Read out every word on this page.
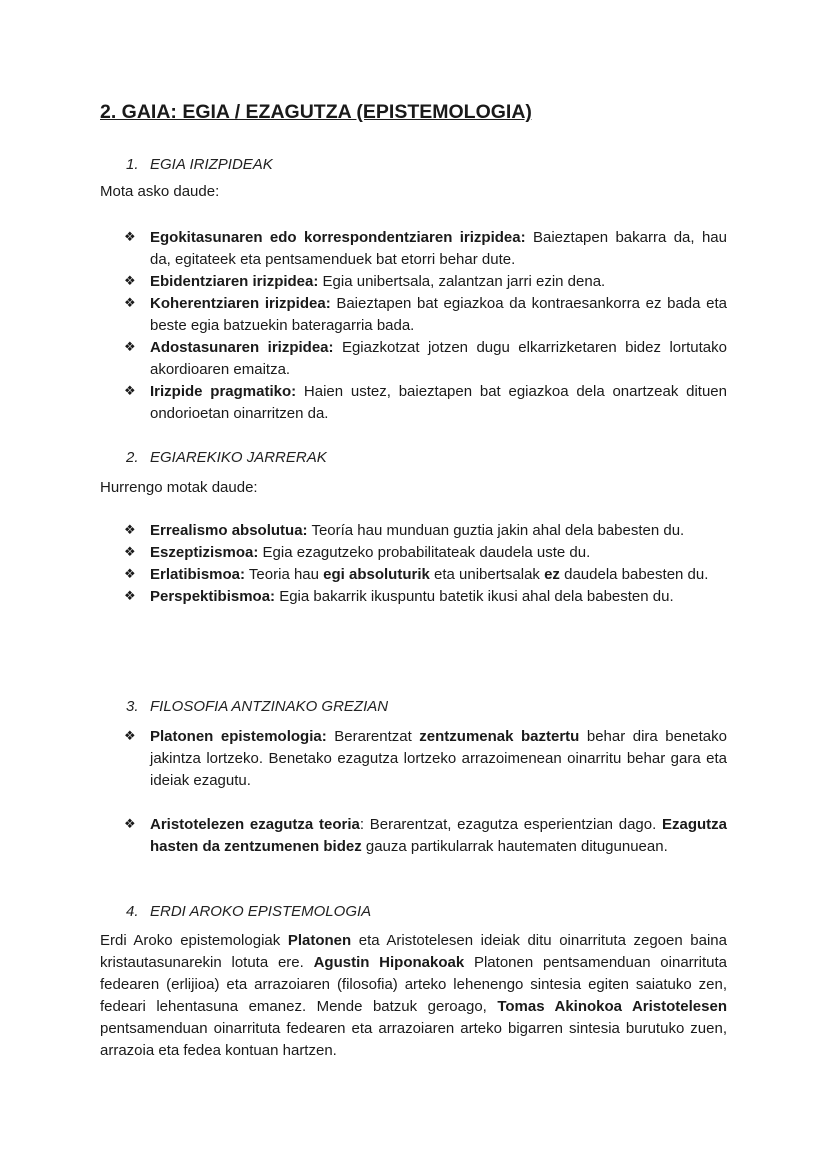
2. GAIA: EGIA / EZAGUTZA (EPISTEMOLOGIA)
1. EGIA IRIZPIDEAK
Mota asko daude:
❖ Egokitasunaren edo korrespondentziaren irizpidea: Baieztapen bakarra da, hau da, egitateek eta pentsamenduek bat etorri behar dute.
❖ Ebidentziaren irizpidea: Egia unibertsala, zalantzan jarri ezin dena.
❖ Koherentziaren irizpidea: Baieztapen bat egiazkoa da kontraesankorra ez bada eta beste egia batzuekin bateragarria bada.
❖ Adostasunaren irizpidea: Egiazkotzat jotzen dugu elkarrizketaren bidez lortutako akordioaren emaitza.
❖ Irizpide pragmatiko: Haien ustez, baieztapen bat egiazkoa dela onartzeak dituen ondorioetan oinarritzen da.
2. EGIAREKIKO JARRERAK
Hurrengo motak daude:
❖ Errealismo absolutua: Teoría hau munduan guztia jakin ahal dela babesten du.
❖ Eszeptizismoa: Egia ezagutzeko probabilitateak daudela uste du.
❖ Erlatibismoa: Teoria hau egi absoluturik eta unibertsalak ez daudela babesten du.
❖ Perspektibismoa: Egia bakarrik ikuspuntu batetik ikusi ahal dela babesten du.
3. FILOSOFIA ANTZINAKO GREZIAN
❖ Platonen epistemologia: Berarentzat zentzumenak baztertu behar dira benetako jakintza lortzeko. Benetako ezagutza lortzeko arrazoimenean oinarritu behar gara eta ideiak ezagutu.
❖ Aristotelezen ezagutza teoria: Berarentzat, ezagutza esperientzian dago. Ezagutza hasten da zentzumenen bidez gauza partikularrak hautematen ditugunuean.
4. ERDI AROKO EPISTEMOLOGIA
Erdi Aroko epistemologiak Platonen eta Aristotelesen ideiak ditu oinarrituta zegoen baina kristautasunarekin lotuta ere. Agustin Hiponakoak Platonen pentsamenduan oinarrituta fedearen (erlijioa) eta arrazoiaren (filosofia) arteko lehenengo sintesia egiten saiatuko zen, fedeari lehentasuna emanez. Mende batzuk geroago, Tomas Akinokoa Aristotelesen pentsamenduan oinarrituta fedearen eta arrazoiaren arteko bigarren sintesia burutuko zuen, arrazoia eta fedea kontuan hartzen.
